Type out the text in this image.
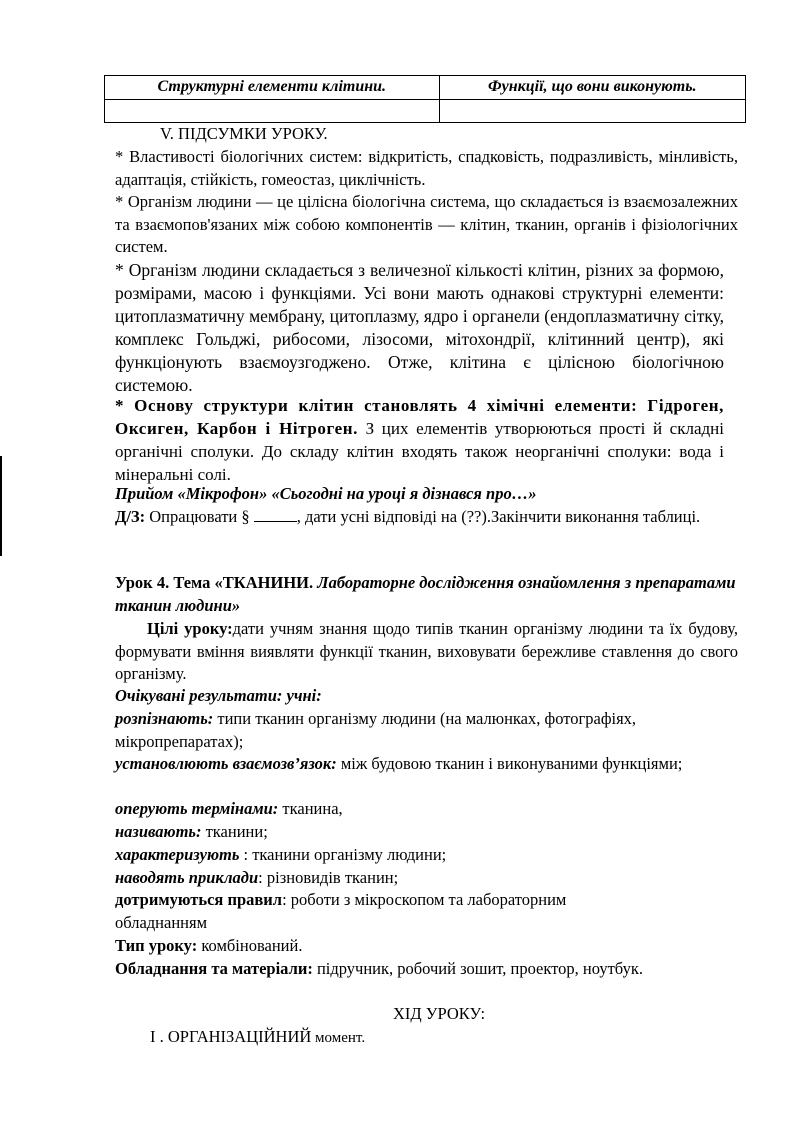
Структурні елементи клітини.	Функції, що вони виконують.

V. ПІДСУМКИ УРОКУ.

* Властивості біологічних систем: відкритість, спадковість, подразливість, мінливість, адаптація, стійкість, гомеостаз, циклічність.

* Організм людини — це цілісна біологічна система, що складається із взаємозалежних та взаємопов'язаних між собою компонентів — клітин, тканин, органів і фізіологічних систем.

* Організм людини складається з величезної кількості клітин, різних за формою, розмірами, масою і функціями. Усі вони мають однакові структурні елементи: цитоплазматичну мембрану, цитоплазму, ядро і органели (ендоплазматичну сітку, комплекс Гольджі, рибосоми, лізосоми, мітохондрії, клітинний центр), які функціонують взаємоузгоджено. Отже, клітина є цілісною біологічною системою.

* Основу структури клітин становлять 4 хімічні елементи: Гідроген, Оксиген, Карбон і Нітроген. З цих елементів утворюються прості й складні органічні сполуки. До складу клітин входять також неорганічні сполуки: вода і мінеральні солі.

Прийом «Мікрофон» «Сьогодні на уроці я дізнався про…»

Д/З: Опрацювати §	, дати усні відповіді на (??).Закінчити виконання таблиці.

Урок 4. Тема «ТКАНИНИ. Лабораторне дослідження ознайомлення з препаратами тканин людини»

Цілі уроку:дати учням знання щодо типів тканин організму людини та їх будову, формувати вміння виявляти функції тканин, виховувати бережливе ставлення до свого організму.

Очікувані результати: учні:

розпізнають: типи тканин організму людини (на малюнках, фотографіях, мікропрепаратах);

установлюють взаємозв’язок: між будовою тканин і виконуваними функціями;

оперують термінами: тканина,

називають: тканини;

характеризують : тканини організму людини;

наводять приклади: різновидів тканин;

дотримуються правил: роботи з мікроскопом та лабораторним обладнанням

Тип уроку: комбінований.

Обладнання та матеріали: підручник, робочий зошит, проектор, ноутбук.

ХІД УРОКУ:

І . ОРГАНІЗАЦІЙНИЙ момент.
